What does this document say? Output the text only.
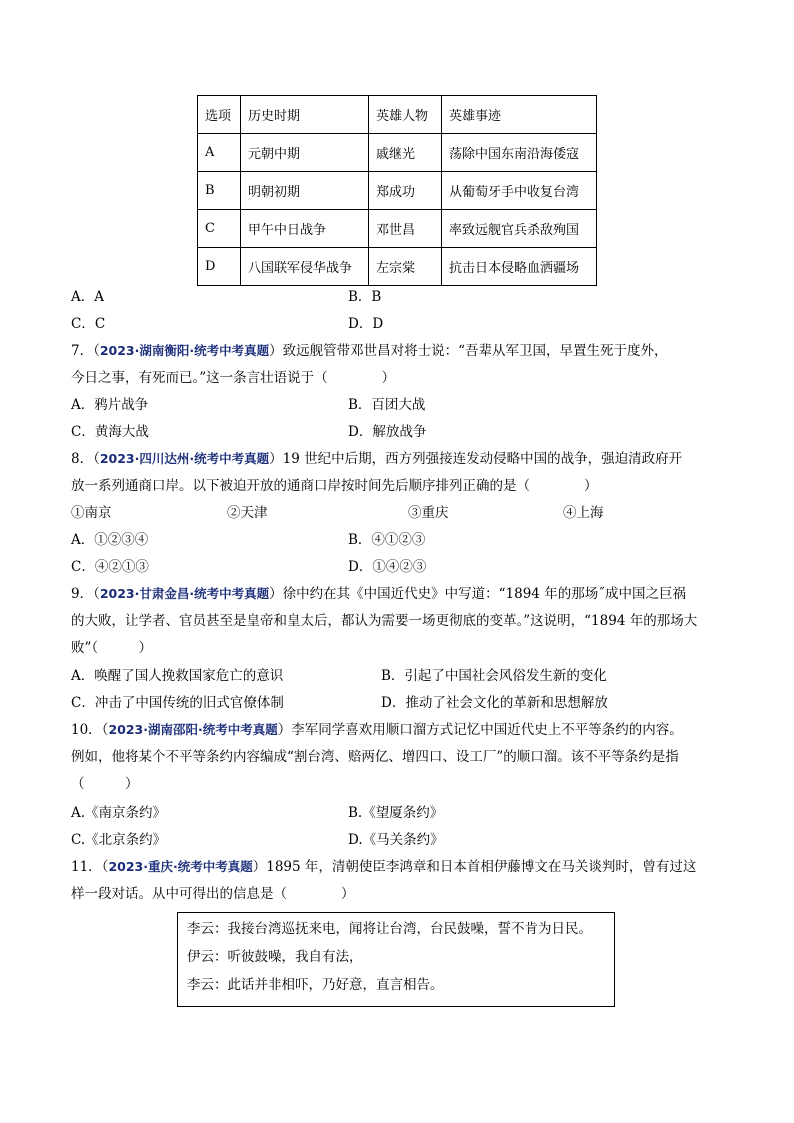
选项	历史时期	英雄人物	英雄事迹
A	元朝中期	戚继光	荡除中国东南沿海倭寇
B	明朝初期	郑成功	从葡萄牙手中收复台湾
C	甲午中日战争	邓世昌	率致远舰官兵杀敌殉国
D	八国联军侵华战争	左宗棠	抗击日本侵略血洒疆场
A．A	B．B
C．C	D．D
7．（2023·湖南衡阳·统考中考真题）致远舰管带邓世昌对将士说：“吾辈从军卫国，早置生死于度外，
今日之事，有死而已。”这一条言壮语说于（　　　　）
A．鸦片战争	B．百团大战
C．黄海大战	D．解放战争
8．（2023·四川达州·统考中考真题）19 世纪中后期，西方列强接连发动侵略中国的战争，强迫清政府开
放一系列通商口岸。以下被迫开放的通商口岸按时间先后顺序排列正确的是（　　　　）
①南京	②天津	③重庆	④上海
A．①②③④	B．④①②③
C．④②①③	D．①④②③
9．（2023·甘肃金昌·统考中考真题）徐中约在其《中国近代史》中写道：“1894 年的那场˝成中国之巨祸
的大败，让学者、官员甚至是皇帝和皇太后，都认为需要一场更彻底的变革。”这说明，“1894 年的那场大
败”（　　　）
A．唤醒了国人挽救国家危亡的意识	B．引起了中国社会风俗发生新的变化
C．冲击了中国传统的旧式官僚体制	D．推动了社会文化的革新和思想解放
10．（2023·湖南邵阳·统考中考真题）李军同学喜欢用顺口溜方式记忆中国近代史上不平等条约的内容。
例如，他将某个不平等条约内容编成“割台湾、赔两亿、增四口、设工厂”的顺口溜。该不平等条约是指
（　　　）
A.《南京条约》	B.《望厦条约》
C.《北京条约》	D.《马关条约》
11．（2023·重庆·统考中考真题）1895 年，清朝使臣李鸿章和日本首相伊藤博文在马关谈判时，曾有过这
样一段对话。从中可得出的信息是（　　　　）
李云：我接台湾巡抚来电，闻将让台湾，台民鼓噪，誓不肯为日民。
伊云：听彼鼓噪，我自有法，
李云：此话并非相吓，乃好意，直言相告。
